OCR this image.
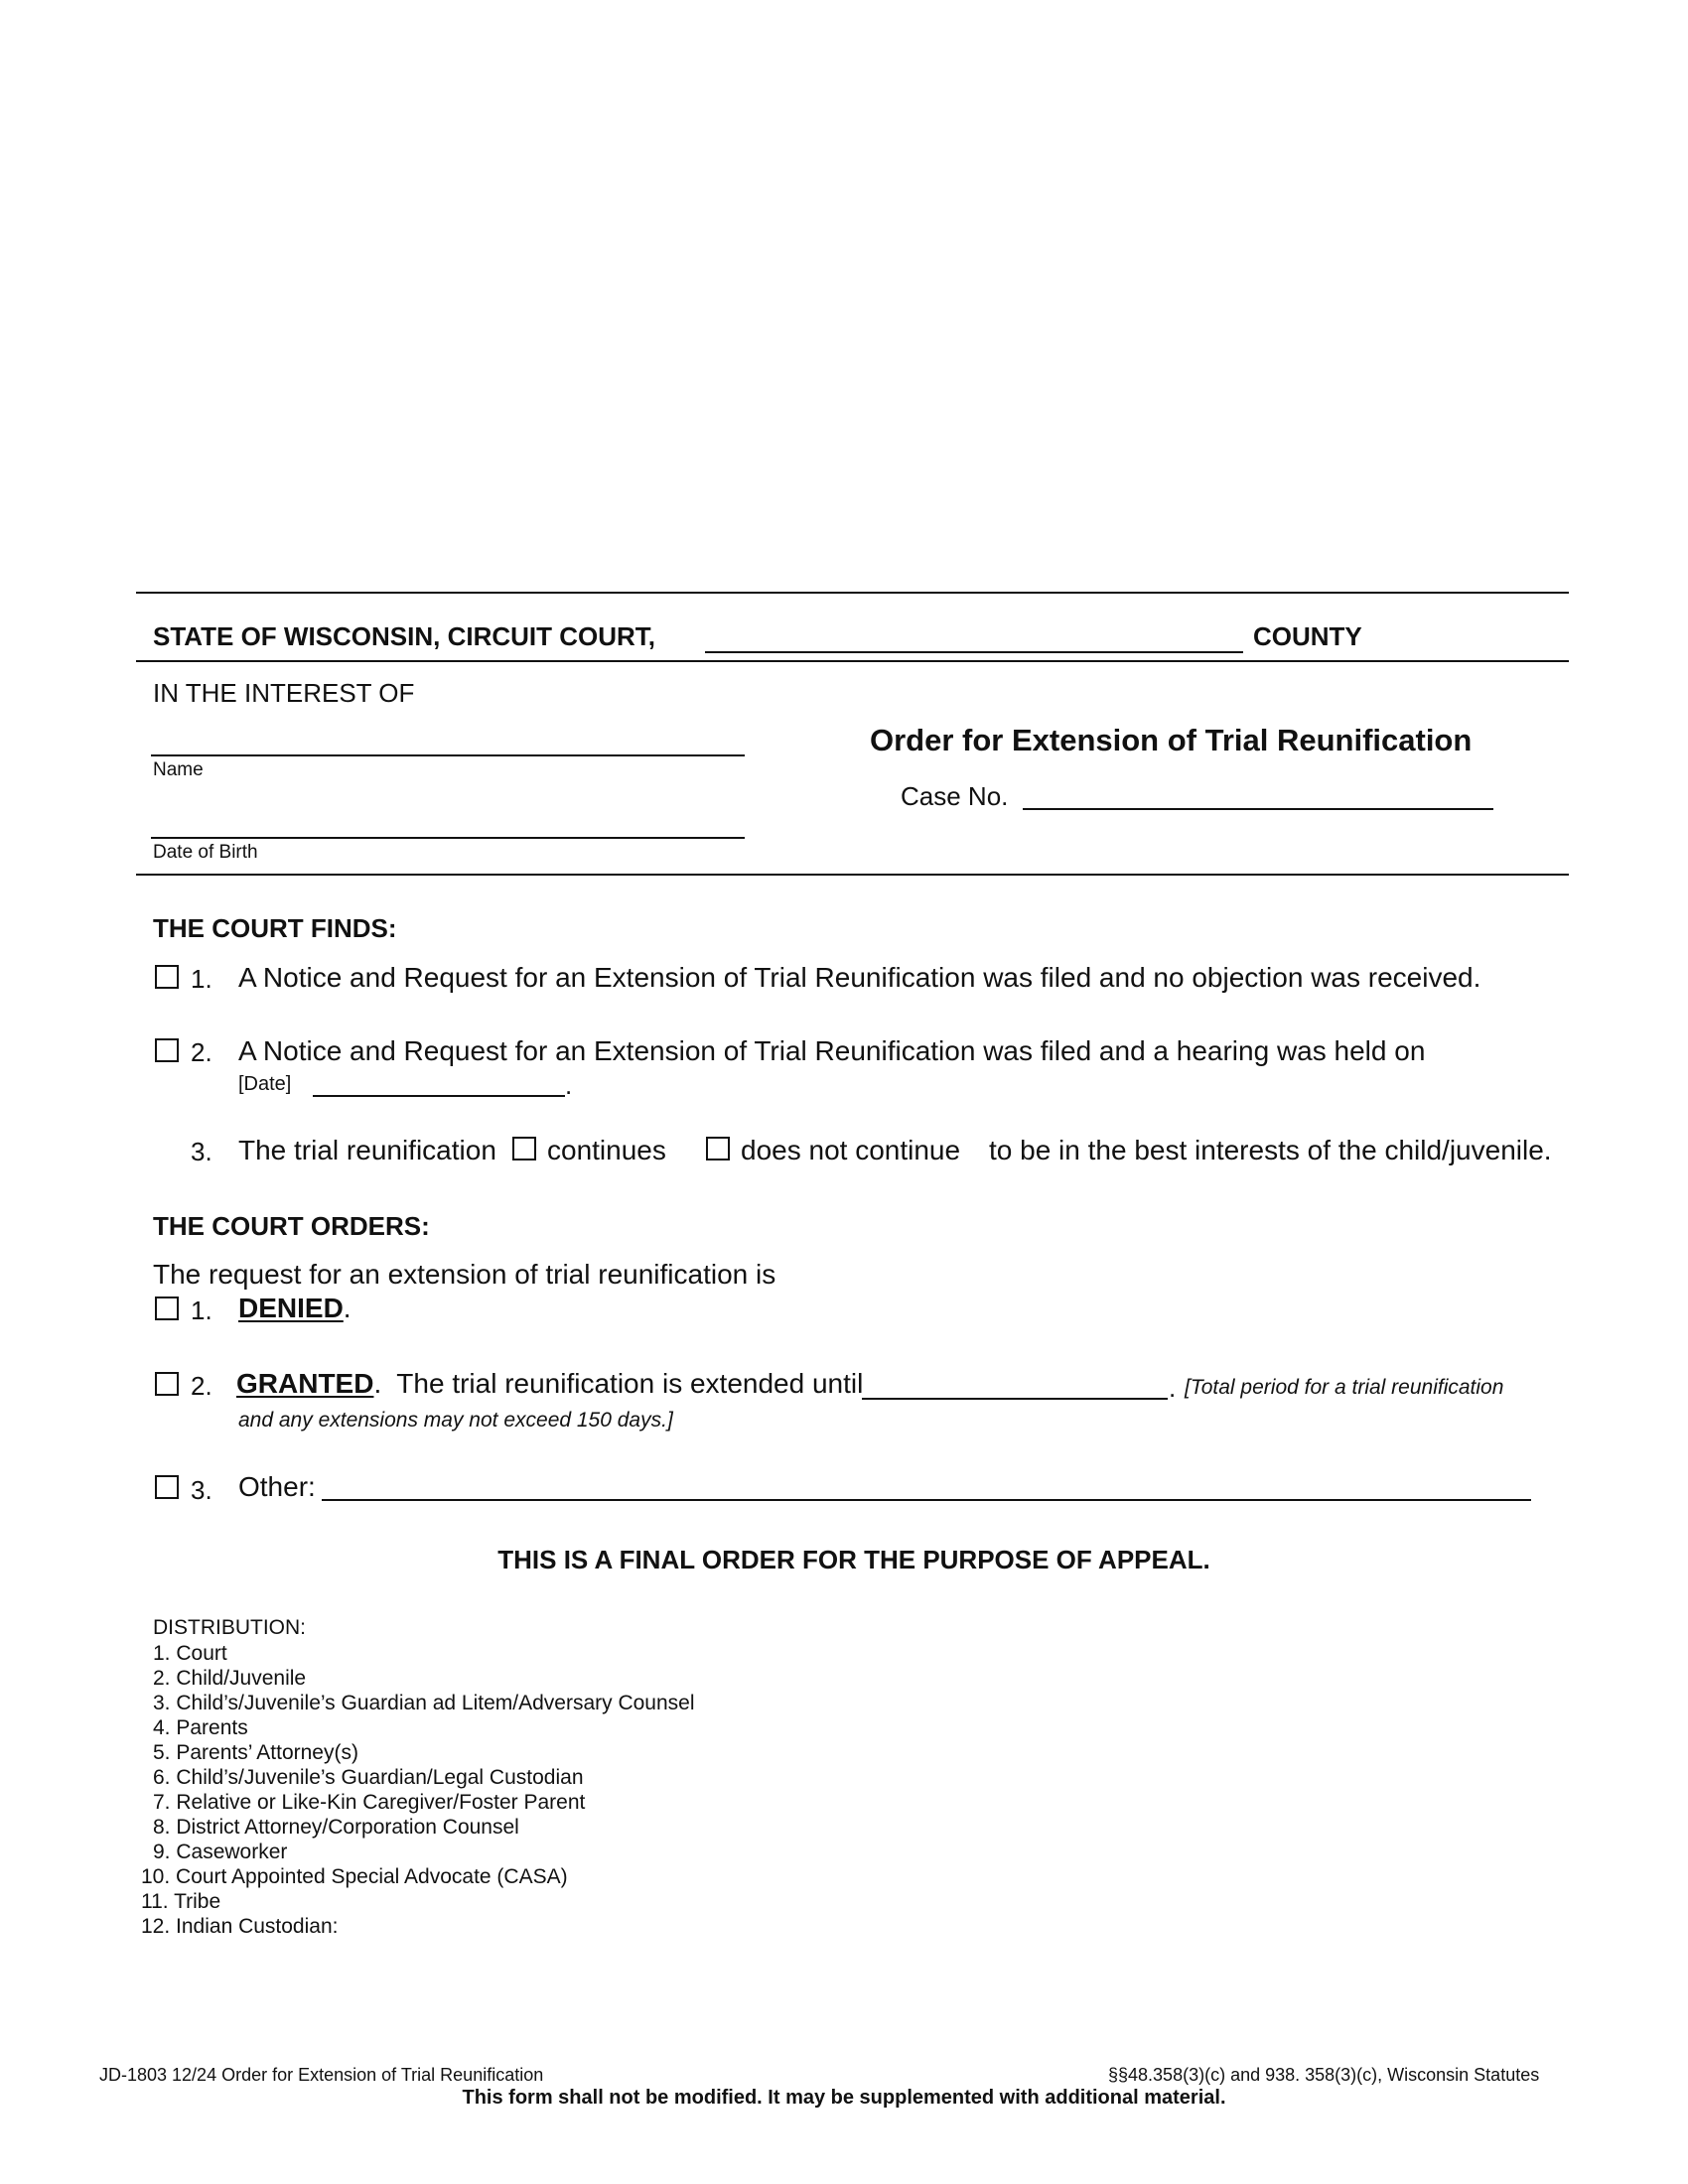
STATE OF WISCONSIN, CIRCUIT COURT,	COUNTY
IN THE INTEREST OF
Name
Date of Birth
Order for Extension of Trial Reunification
Case No.
THE COURT FINDS:
1. A Notice and Request for an Extension of Trial Reunification was filed and no objection was received.
2. A Notice and Request for an Extension of Trial Reunification was filed and a hearing was held on
[Date]	.
3. The trial reunification continues	does not continue to be in the best interests of the child/juvenile.
THE COURT ORDERS:
The request for an extension of trial reunification is
1. DENIED.
2. GRANTED.  The trial reunification is extended until	. [Total period for a trial reunification
and any extensions may not exceed 150 days.]
3. Other:
THIS IS A FINAL ORDER FOR THE PURPOSE OF APPEAL.
DISTRIBUTION:
1. Court
2. Child/Juvenile
3. Child’s/Juvenile’s Guardian ad Litem/Adversary Counsel
4. Parents
5. Parents’ Attorney(s)
6. Child’s/Juvenile’s Guardian/Legal Custodian
7. Relative or Like-Kin Caregiver/Foster Parent
8. District Attorney/Corporation Counsel
9. Caseworker
10. Court Appointed Special Advocate (CASA)
11. Tribe
12. Indian Custodian:
JD-1803 12/24 Order for Extension of Trial Reunification	§§48.358(3)(c) and 938. 358(3)(c), Wisconsin Statutes
This form shall not be modified. It may be supplemented with additional material.
